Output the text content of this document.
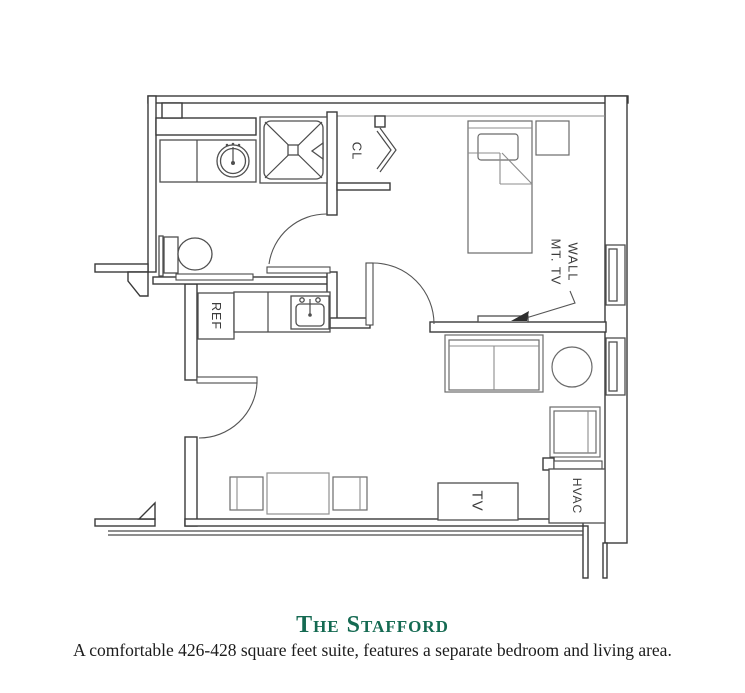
CL
REF
WALL
MT. TV
TV	HVAC
The Stafford
A comfortable 426-428 square feet suite, features a separate bedroom and living area.
